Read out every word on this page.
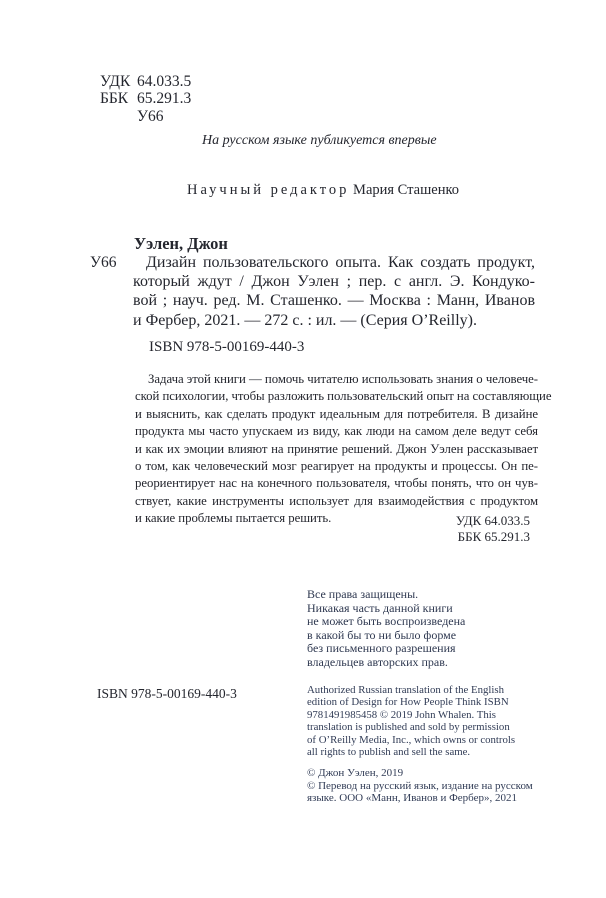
УДК 64.033.5
ББК 65.291.3
У66
На русском языке публикуется впервые
Научный редактор Мария Сташенко
Уэлен, Джон
У66	Дизайн пользовательского опыта. Как создать продукт,
который ждут / Джон Уэлен ; пер. с англ. Э. Кондуко-
вой ; науч. ред. М. Сташенко. — Москва : Манн, Иванов
и Фербер, 2021. — 272 с. : ил. — (Серия O’Reilly).
ISBN 978-5-00169-440-3
Задача этой книги — помочь читателю использовать знания о человече-
ской психологии, чтобы разложить пользовательский опыт на составляющие
и выяснить, как сделать продукт идеальным для потребителя. В дизайне
продукта мы часто упускаем из виду, как люди на самом деле ведут себя
и как их эмоции влияют на принятие решений. Джон Уэлен рассказывает
о том, как человеческий мозг реагирует на продукты и процессы. Он пе-
реориентирует нас на конечного пользователя, чтобы понять, что он чув-
ствует, какие инструменты использует для взаимодействия с продуктом
и какие проблемы пытается решить.	УДК 64.033.5
ББК 65.291.3
Все права защищены.
Никакая часть данной книги
не может быть воспроизведена
в какой бы то ни было форме
без письменного разрешения
владельцев авторских прав.
ISBN 978-5-00169-440-3	Authorized Russian translation of the English
edition of Design for How People Think ISBN
9781491985458 © 2019 John Whalen. This
translation is published and sold by permission
of O’Reilly Media, Inc., which owns or controls
all rights to publish and sell the same.
© Джон Уэлен, 2019
© Перевод на русский язык, издание на русском
языке. ООО «Манн, Иванов и Фербер», 2021
